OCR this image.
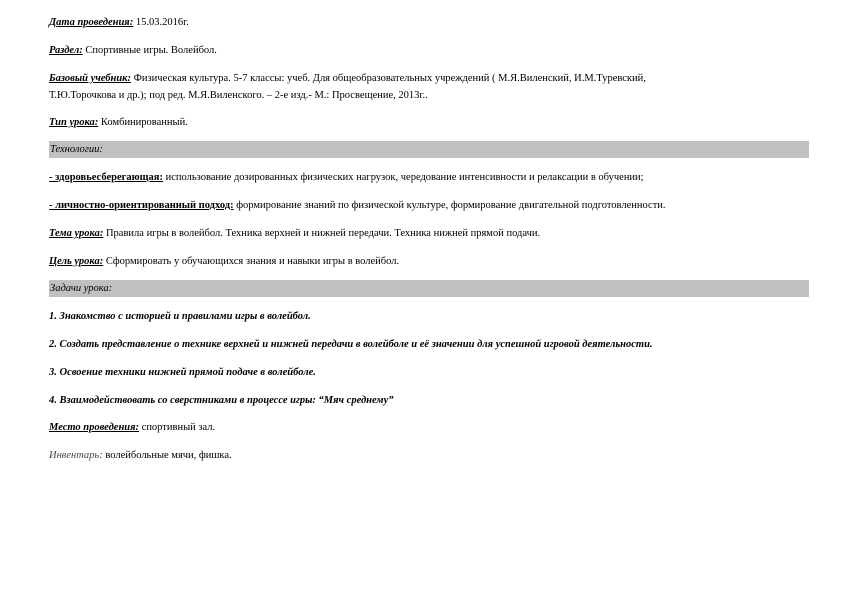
Дата проведения: 15.03.2016г.
Раздел: Спортивные игры. Волейбол.
Базовый учебник: Физическая культура. 5-7 классы: учеб. Для общеобразовательных учреждений ( М.Я.Виленский, И.М.Туревский,
Т.Ю.Торочкова и др.); под ред. М.Я.Виленского. – 2-е изд.- М.: Просвещение, 2013г..
Тип урока: Комбинированный.
Технологии:
- здоровьесберегающая: использование дозированных физических нагрузок, чередование интенсивности и релаксации в обучении;
- личностно-ориентированный подход: формирование знаний по физической культуре, формирование двигательной подготовленности.
Тема урока: Правила игры в волейбол. Техника верхней и нижней передачи. Техника нижней прямой подачи.
Цель урока: Сформировать у обучающихся знания и навыки игры в волейбол.
Задачи урока:
1. Знакомство с историей и правилами игры в волейбол.
2. Создать представление о технике верхней и нижней передачи в волейболе и её значении для успешной игровой деятельности.
3. Освоение техники нижней прямой подаче в волейболе.
4. Взаимодействовать со сверстниками в процессе игры: “Мяч среднему”
Место проведения: спортивный зал.
Инвентарь: волейбольные мячи, фишка.
